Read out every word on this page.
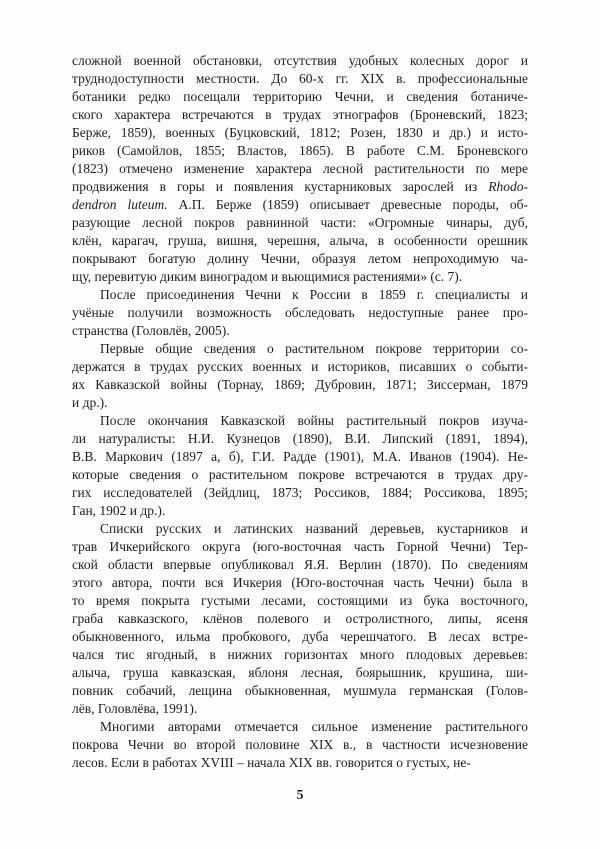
сложной военной обстановки, отсутствия удобных колесных дорог и
труднодоступности местности. До 60-х гг. XIX в. профессиональные
ботаники редко посещали территорию Чечни, и сведения ботаниче-
ского характера встречаются в трудах этнографов (Броневский, 1823;
Берже, 1859), военных (Буцковский, 1812; Розен, 1830 и др.) и исто-
риков (Самойлов, 1855; Властов, 1865). В работе С.М. Броневского
(1823) отмечено изменение характера лесной растительности по мере
продвижения в горы и появления кустарниковых зарослей из Rhodo-
dendron luteum. А.П. Берже (1859) описывает древесные породы, об-
разующие лесной покров равнинной части: «Огромные чинары, дуб,
клён, карагач, груша, вишня, черешня, алыча, в особенности орешник
покрывают богатую долину Чечни, образуя летом непроходимую ча-
щу, перевитую диким виноградом и вьющимися растениями» (с. 7).
После присоединения Чечни к России в 1859 г. специалисты и
учёные получили возможность обследовать недоступные ранее про-
странства (Головлёв, 2005).
Первые общие сведения о растительном покрове территории со-
держатся в трудах русских военных и историков, писавших о событи-
ях Кавказской войны (Торнау, 1869; Дубровин, 1871; Зиссерман, 1879
и др.).
После окончания Кавказской войны растительный покров изуча-
ли натуралисты: Н.И. Кузнецов (1890), В.И. Липский (1891, 1894),
В.В. Маркович (1897 а, б), Г.И. Радде (1901), М.А. Иванов (1904). Не-
которые сведения о растительном покрове встречаются в трудах дру-
гих исследователей (Зейдлиц, 1873; Россиков, 1884; Россикова, 1895;
Ган, 1902 и др.).
Списки русских и латинских названий деревьев, кустарников и
трав Ичкерийского округа (юго-восточная часть Горной Чечни) Тер-
ской области впервые опубликовал Я.Я. Верлин (1870). По сведениям
этого автора, почти вся Ичкерия (Юго-восточная часть Чечни) была в
то время покрыта густыми лесами, состоящими из бука восточного,
граба кавказского, клёнов полевого и остролистного, липы, ясеня
обыкновенного, ильма пробкового, дуба черешчатого. В лесах встре-
чался тис ягодный, в нижних горизонтах много плодовых деревьев:
алыча, груша кавказская, яблоня лесная, боярышник, крушина, ши-
повник собачий, лещина обыкновенная, мушмула германская (Голов-
лёв, Головлёва, 1991).
Многими авторами отмечается сильное изменение растительного
покрова Чечни во второй половине XIX в., в частности исчезновение
лесов. Если в работах XVIII – начала XIX вв. говорится о густых, не-
5
